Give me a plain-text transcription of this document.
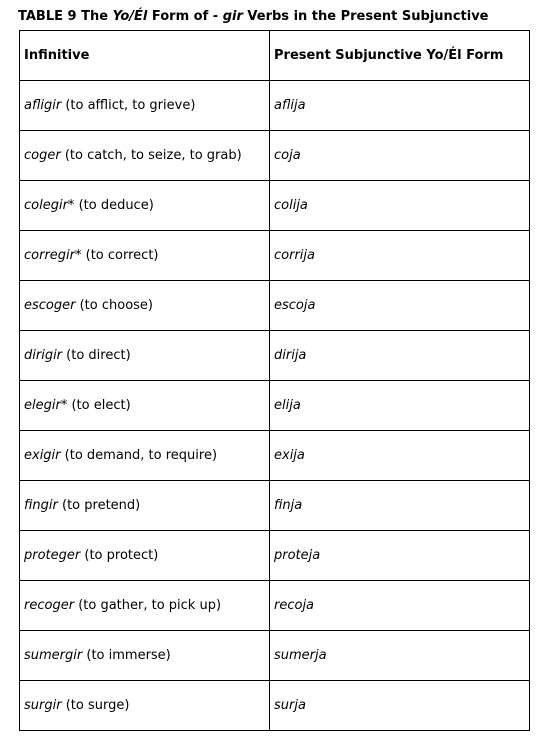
TABLE 9 The Yo/Él Form of - gir Verbs in the Present Subjunctive
Infinitive	Present Subjunctive Yo/Él Form
afligir (to afflict, to grieve)	aflija
coger (to catch, to seize, to grab)	coja
colegir* (to deduce)	colija
corregir* (to correct)	corrija
escoger (to choose)	escoja
dirigir (to direct)	dirija
elegir* (to elect)	elija
exigir (to demand, to require)	exija
fingir (to pretend)	finja
proteger (to protect)	proteja
recoger (to gather, to pick up)	recoja
sumergir (to immerse)	sumerja
surgir (to surge)	surja
